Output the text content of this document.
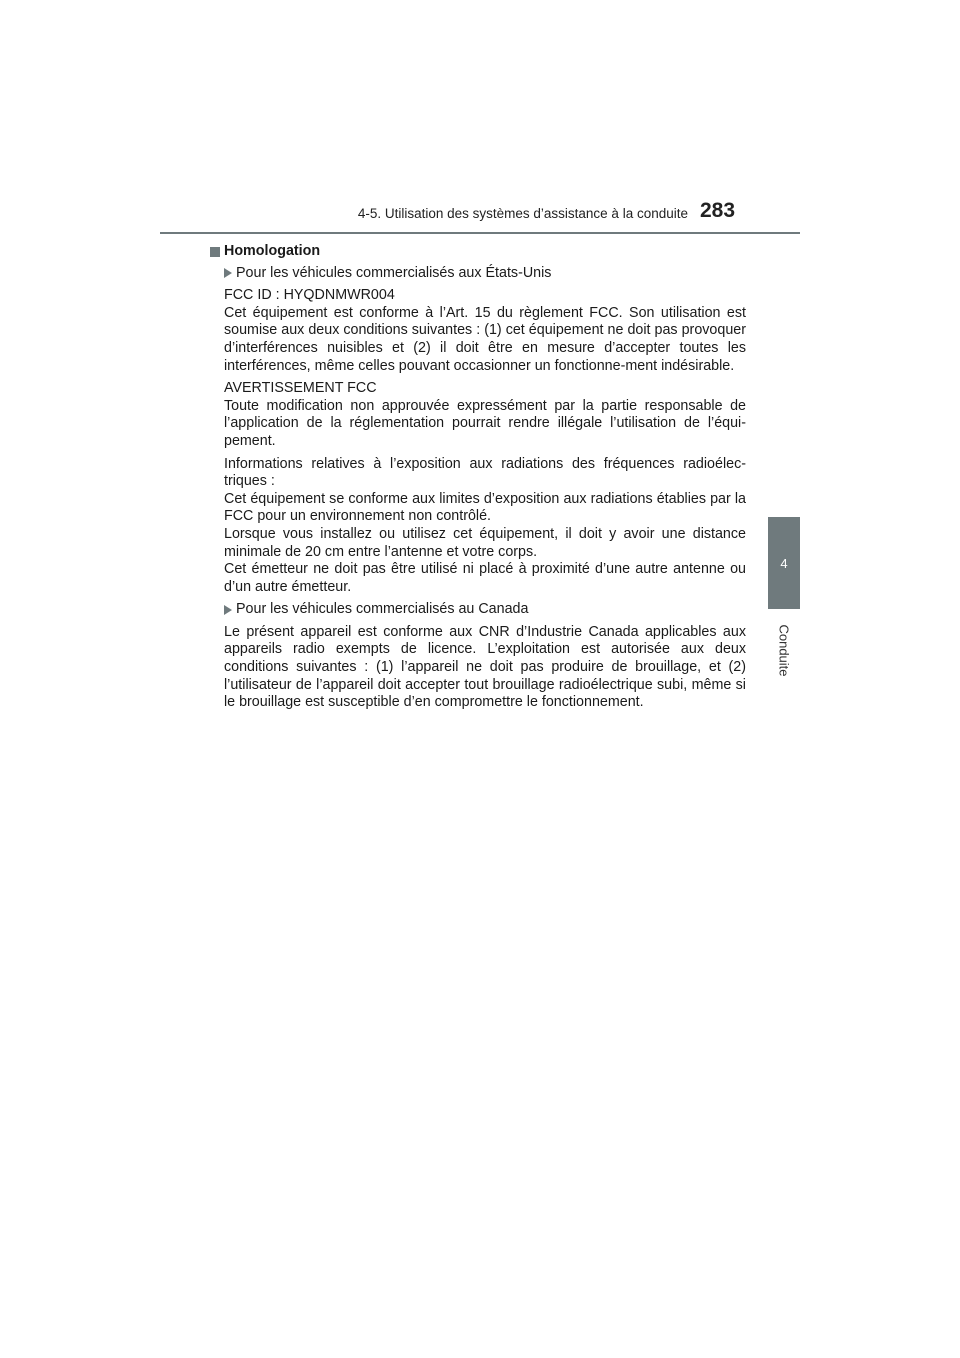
4-5. Utilisation des systèmes d’assistance à la conduite 283
4
Conduite
Homologation
Pour les véhicules commercialisés aux États-Unis
FCC ID : HYQDNMWR004
Cet équipement est conforme à l’Art. 15 du règlement FCC. Son utilisation est soumise aux deux conditions suivantes : (1) cet équipement ne doit pas provoquer d’interférences nuisibles et (2) il doit être en mesure d’accepter toutes les interférences, même celles pouvant occasionner un fonctionne-ment indésirable.
AVERTISSEMENT FCC
Toute modification non approuvée expressément par la partie responsable de l’application de la réglementation pourrait rendre illégale l’utilisation de l’équi-pement.
Informations relatives à l’exposition aux radiations des fréquences radioélec-triques :
Cet équipement se conforme aux limites d’exposition aux radiations établies par la FCC pour un environnement non contrôlé.
Lorsque vous installez ou utilisez cet équipement, il doit y avoir une distance minimale de 20 cm entre l’antenne et votre corps.
Cet émetteur ne doit pas être utilisé ni placé à proximité d’une autre antenne ou d’un autre émetteur.
Pour les véhicules commercialisés au Canada
Le présent appareil est conforme aux CNR d’Industrie Canada applicables aux appareils radio exempts de licence. L’exploitation est autorisée aux deux conditions suivantes : (1) l’appareil ne doit pas produire de brouillage, et (2) l’utilisateur de l’appareil doit accepter tout brouillage radioélectrique subi, même si le brouillage est susceptible d’en compromettre le fonctionnement.
